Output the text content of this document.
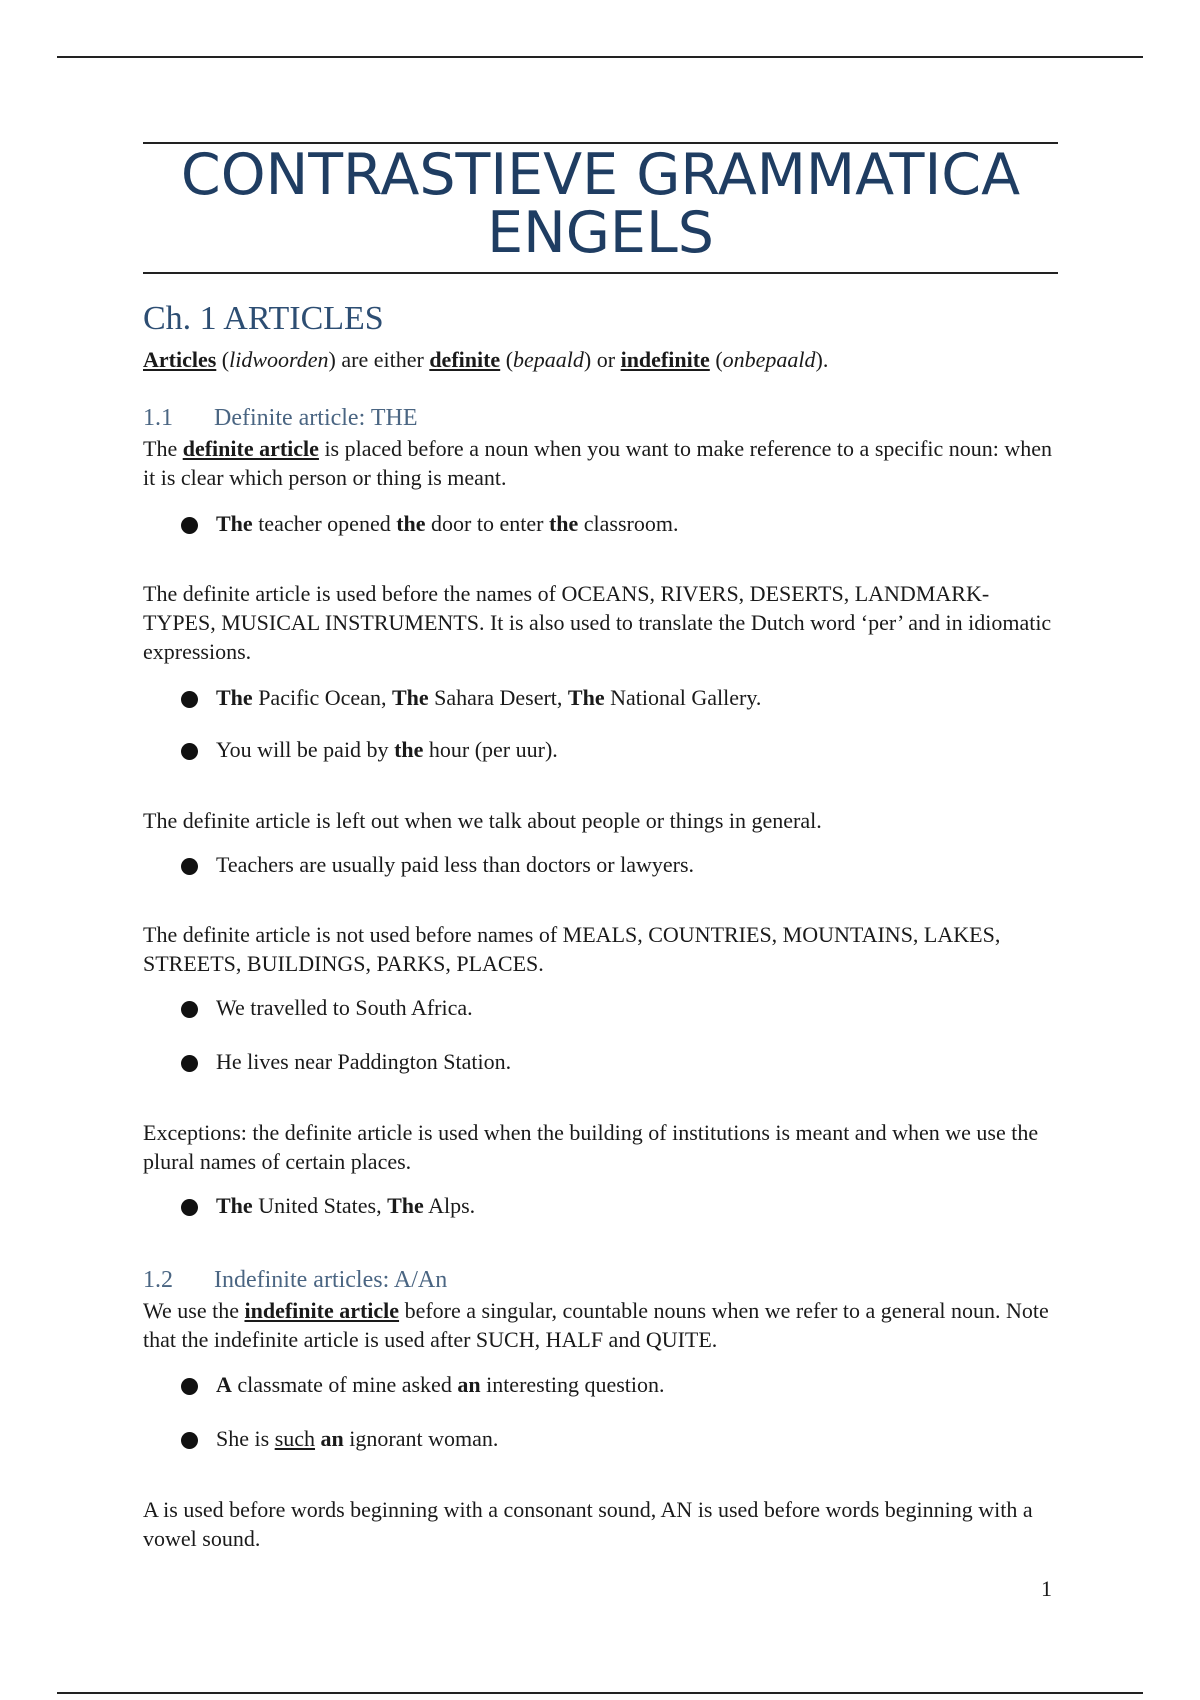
CONTRASTIEVE GRAMMATICA
ENGELS
Ch. 1 ARTICLES
Articles (lidwoorden) are either definite (bepaald) or indefinite (onbepaald).
1.1 Definite article: THE
The definite article is placed before a noun when you want to make reference to a specific noun: when it is clear which person or thing is meant.
The teacher opened the door to enter the classroom.
The definite article is used before the names of OCEANS, RIVERS, DESERTS, LANDMARK-TYPES, MUSICAL INSTRUMENTS. It is also used to translate the Dutch word ‘per’ and in idiomatic expressions.
The Pacific Ocean, The Sahara Desert, The National Gallery.
You will be paid by the hour (per uur).
The definite article is left out when we talk about people or things in general.
Teachers are usually paid less than doctors or lawyers.
The definite article is not used before names of MEALS, COUNTRIES, MOUNTAINS, LAKES, STREETS, BUILDINGS, PARKS, PLACES.
We travelled to South Africa.
He lives near Paddington Station.
Exceptions: the definite article is used when the building of institutions is meant and when we use the plural names of certain places.
The United States, The Alps.
1.2 Indefinite articles: A/An
We use the indefinite article before a singular, countable nouns when we refer to a general noun. Note that the indefinite article is used after SUCH, HALF and QUITE.
A classmate of mine asked an interesting question.
She is such an ignorant woman.
A is used before words beginning with a consonant sound, AN is used before words beginning with a vowel sound.
1
